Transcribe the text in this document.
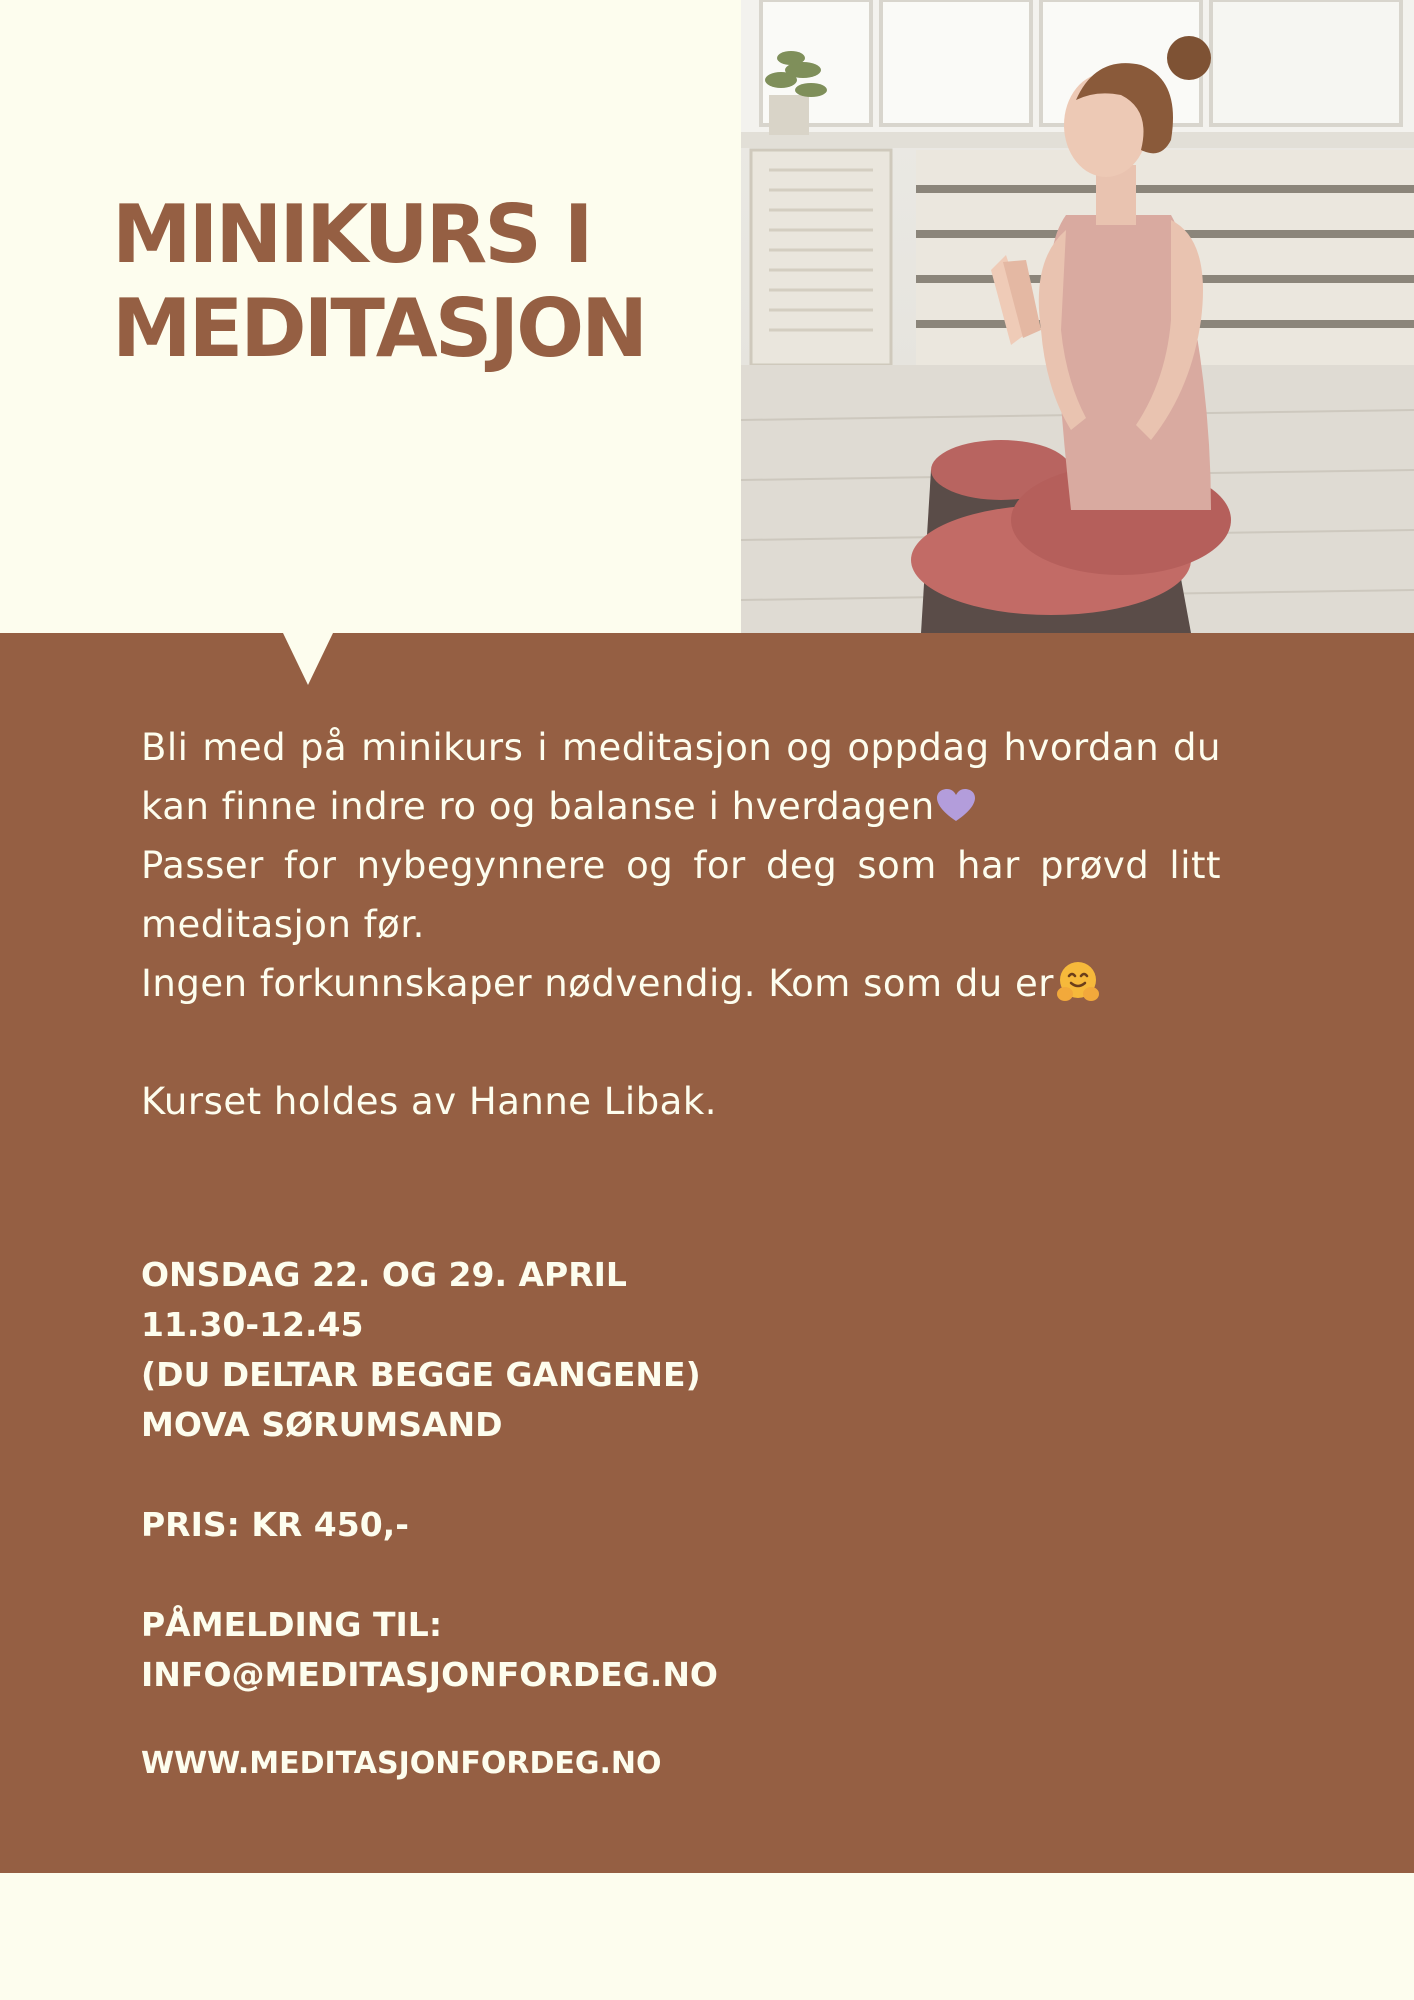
MINIKURS I
MEDITASJON

Bli med på minikurs i meditasjon og oppdag hvordan du kan finne indre ro og balanse i hverdagen

Passer for nybegynnere og for deg som har prøvd litt meditasjon før.

Ingen forkunnskaper nødvendig. Kom som du er

Kurset holdes av Hanne Libak.

ONSDAG 22. OG 29. APRIL
11.30-12.45
(DU DELTAR BEGGE GANGENE)
MOVA SØRUMSAND
PRIS: KR 450,-
PÅMELDING TIL:
INFO@MEDITASJONFORDEG.NO
WWW.MEDITASJONFORDEG.NO
